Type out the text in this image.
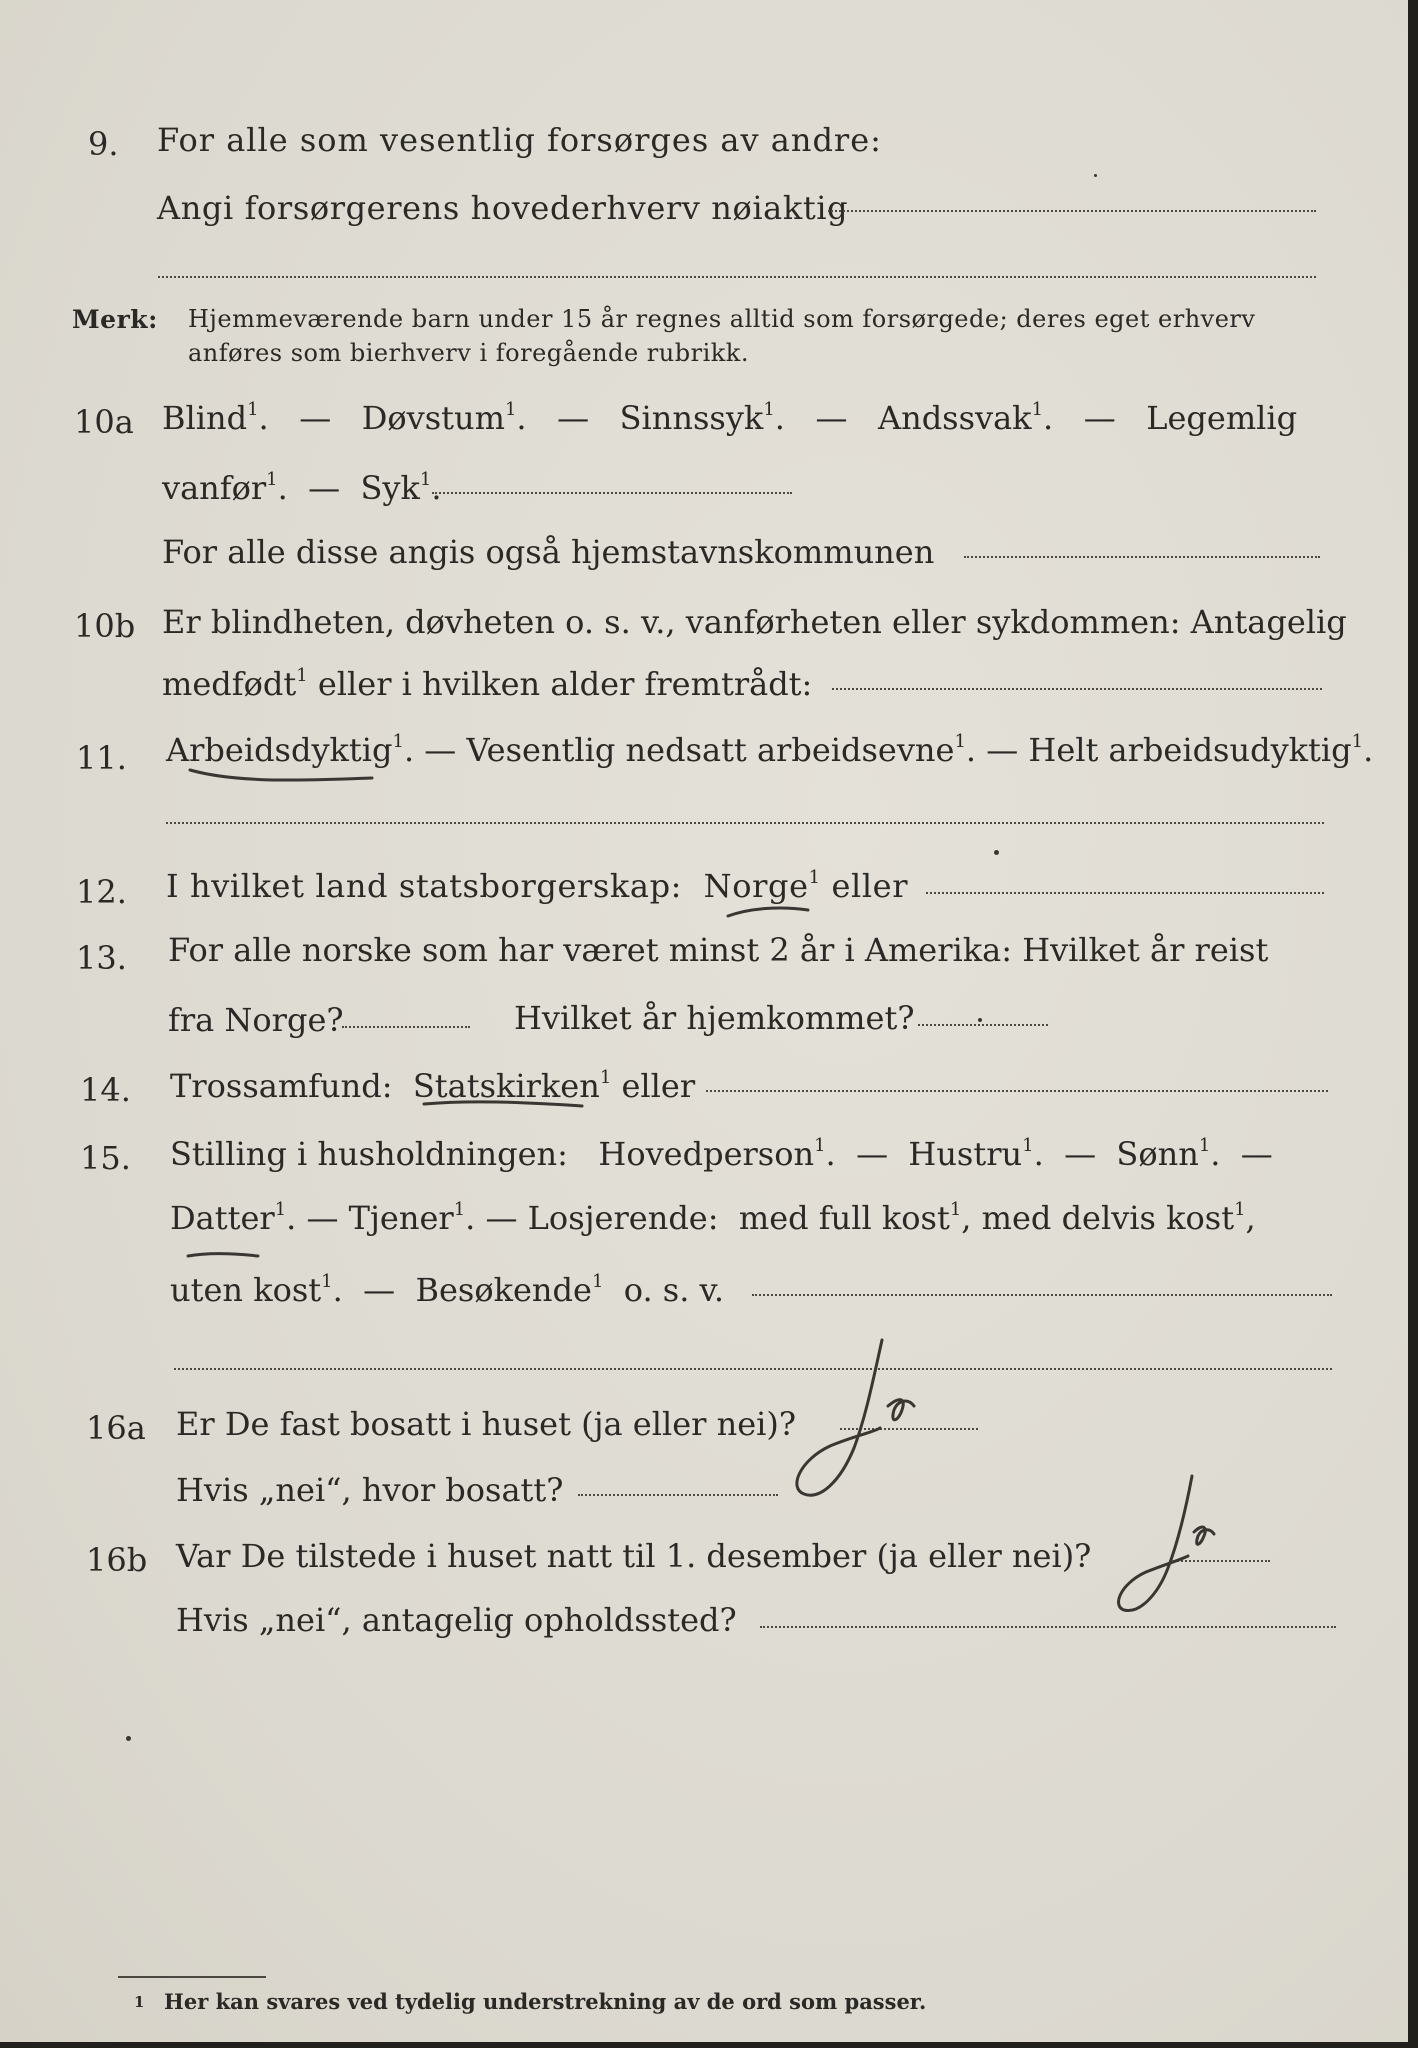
9. For alle som vesentlig forsørges av andre:
Angi forsørgerens hovederhverv nøiaktig
Merk: Hjemmeværende barn under 15 år regnes alltid som forsørgede; deres eget erhverv
anføres som bierhverv i foregående rubrikk.
10a Blind$^1$.   — Døvstum$^1$.   — Sinnssyk$^1$.   — Andssvak$^1$.   — Legemlig
vanfør$^1$.  — Syk$^1$.
For alle disse angis også hjemstavnskommunen
10b Er blindheten, døvheten o. s. v., vanførheten eller sykdommen: Antagelig
medfødt$^1$ eller i hvilken alder fremtrådt:
11. Arbeidsdyktig$^1$. — Vesentlig nedsatt arbeidsevne$^1$. — Helt arbeidsudyktig$^1$.
12. I hvilket land statsborgerskap: Norge$^1$ eller
13. For alle norske som har været minst 2 år i Amerika: Hvilket år reist
fra Norge?	Hvilket år hjemkommet?
14. Trossamfund: Statskirken$^1$ eller
15. Stilling i husholdningen: Hovedperson$^1$.  — Hustru$^1$.  — Sønn$^1$.  —
Datter$^1$. — Tjener$^1$. — Losjerende: med full kost$^1$, med delvis kost$^1$,
uten kost$^1$.  — Besøkende$^1$ o. s. v.
16a Er De fast bosatt i huset (ja eller nei)?
Hvis „nei“, hvor bosatt?
16b Var De tilstede i huset natt til 1. desember (ja eller nei)?
Hvis „nei“, antagelig opholdssted?
1 Her kan svares ved tydelig understrekning av de ord som passer.
